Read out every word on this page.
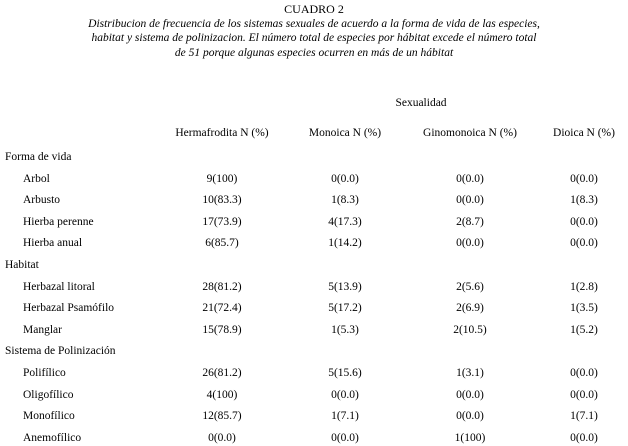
CUADRO 2
Distribucion de frecuencia de los sistemas sexuales de acuerdo a la forma de vida de las especies,
habitat y sistema de polinizacion. El número total de especies por hábitat excede el número total
de 51 porque algunas especies ocurren en más de un hábitat
Sexualidad
Hermafrodita N (%)	Monoica N (%)	Ginomonoica N (%)	Dioica N (%)
Forma de vida
Arbol	9(100)	0(0.0)	0(0.0)	0(0.0)
Arbusto	10(83.3)	1(8.3)	0(0.0)	1(8.3)
Hierba perenne	17(73.9)	4(17.3)	2(8.7)	0(0.0)
Hierba anual	6(85.7)	1(14.2)	0(0.0)	0(0.0)
Habitat
Herbazal litoral	28(81.2)	5(13.9)	2(5.6)	1(2.8)
Herbazal Psamófilo	21(72.4)	5(17.2)	2(6.9)	1(3.5)
Manglar	15(78.9)	1(5.3)	2(10.5)	1(5.2)
Sistema de Polinización
Polifílico	26(81.2)	5(15.6)	1(3.1)	0(0.0)
Oligofílico	4(100)	0(0.0)	0(0.0)	0(0.0)
Monofílico	12(85.7)	1(7.1)	0(0.0)	1(7.1)
Anemofílico	0(0.0)	0(0.0)	1(100)	0(0.0)
